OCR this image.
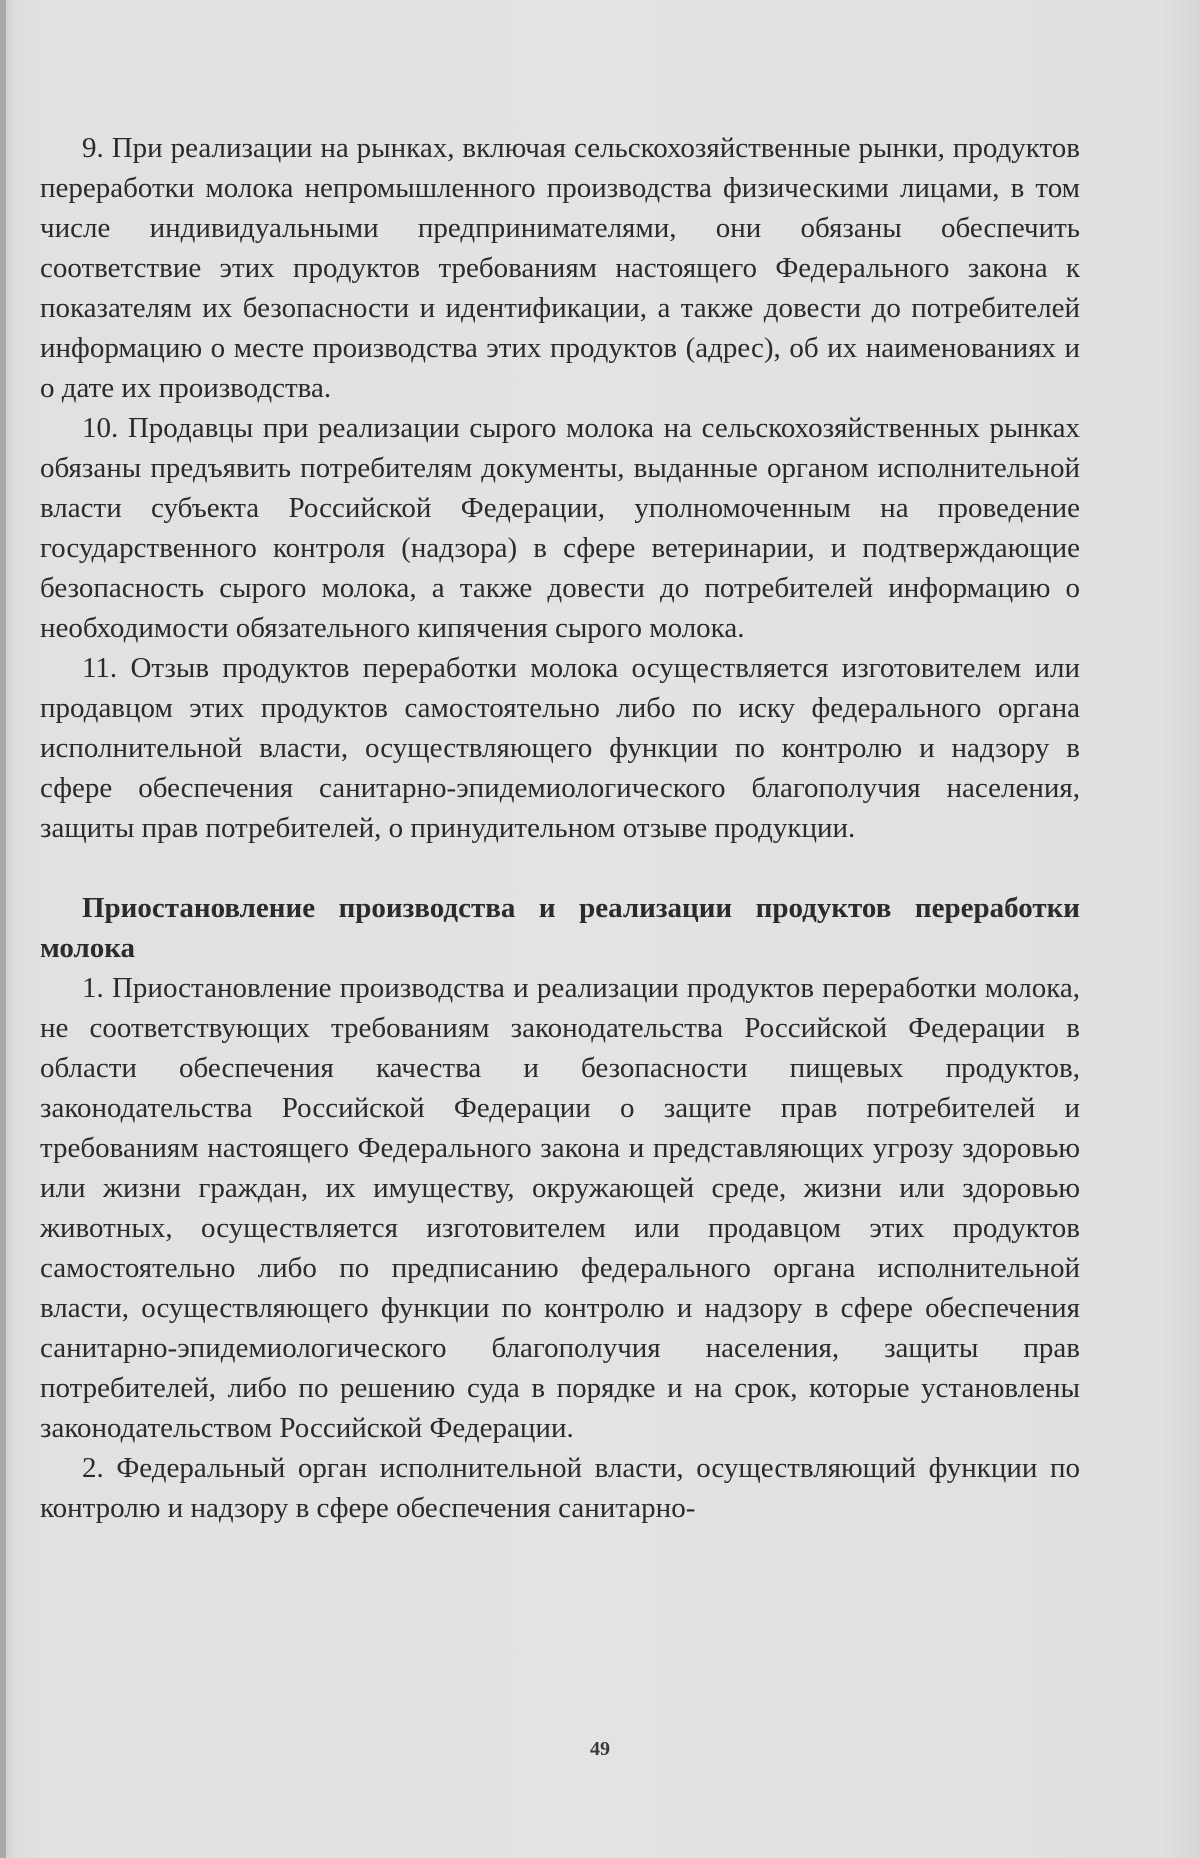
9. При реализации на рынках, включая сельскохозяйственные рынки, продуктов переработки молока непромышленного производства физическими лицами, в том числе индивидуальными предпринимателями, они обязаны обеспечить соответствие этих продуктов требованиям настоящего Федерального закона к показателям их безопасности и идентификации, а также довести до потребителей информацию о месте производства этих продуктов (адрес), об их наименованиях и о дате их производства.

10. Продавцы при реализации сырого молока на сельскохозяйственных рынках обязаны предъявить потребителям документы, выданные органом исполнительной власти субъекта Российской Федерации, уполномоченным на проведение государственного контроля (надзора) в сфере ветеринарии, и подтверждающие безопасность сырого молока, а также довести до потребителей информацию о необходимости обязательного кипячения сырого молока.

11. Отзыв продуктов переработки молока осуществляется изготовителем или продавцом этих продуктов самостоятельно либо по иску федерального органа исполнительной власти, осуществляющего функции по контролю и надзору в сфере обеспечения санитарно-эпидемиологического благополучия населения, защиты прав потребителей, о принудительном отзыве продукции.

Приостановление производства и реализации продуктов переработки молока

1. Приостановление производства и реализации продуктов переработки молока, не соответствующих требованиям законодательства Российской Федерации в области обеспечения качества и безопасности пищевых продуктов, законодательства Российской Федерации о защите прав потребителей и требованиям настоящего Федерального закона и представляющих угрозу здоровью или жизни граждан, их имуществу, окружающей среде, жизни или здоровью животных, осуществляется изготовителем или продавцом этих продуктов самостоятельно либо по предписанию федерального органа исполнительной власти, осуществляющего функции по контролю и надзору в сфере обеспечения санитарно-эпидемиологического благополучия населения, защиты прав потребителей, либо по решению суда в порядке и на срок, которые установлены законодательством Российской Федерации.

2. Федеральный орган исполнительной власти, осуществляющий функции по контролю и надзору в сфере обеспечения санитарно-

49
